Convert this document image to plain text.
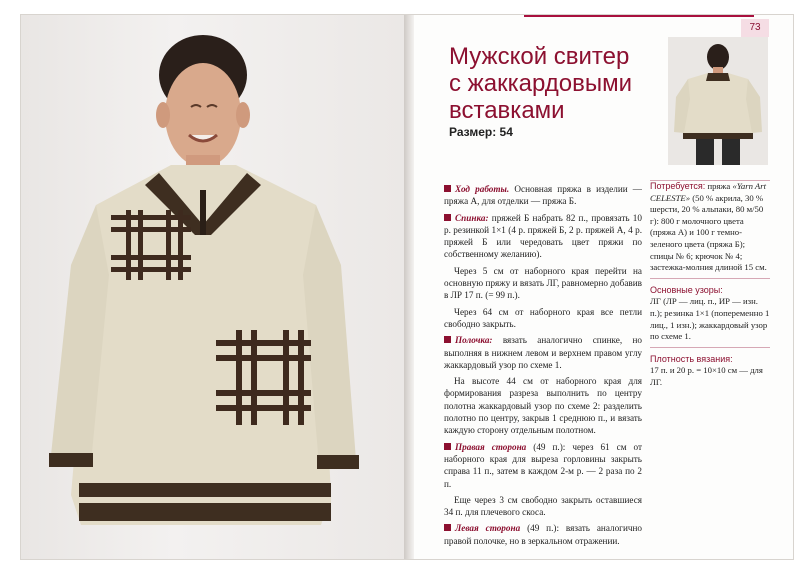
73
Мужской свитер
с жаккардовыми
вставками
Размер: 54

Ход работы. Основная пряжа в изделии — пряжа А, для отделки — пряжа Б.

Спинка: пряжей Б набрать 82 п., провязать 10 р. резинкой 1×1 (4 р. пряжей Б, 2 р. пряжей А, 4 р. пряжей Б или чередовать цвет пряжи по собственному желанию).

Через 5 см от наборного края перейти на основную пряжу и вязать ЛГ, равномерно добавив в ЛР 17 п. (= 99 п.).

Через 64 см от наборного края все петли свободно закрыть.

Полочка: вязать аналогично спинке, но выполняя в нижнем левом и верхнем правом углу жаккардовый узор по схеме 1.

На высоте 44 см от наборного края для формирования разреза выполнить по центру полотна жаккардовый узор по схеме 2: разделить полотно по центру, закрыв 1 среднюю п., и вязать каждую сторону отдельным полотном.

Правая сторона (49 п.): через 61 см от наборного края для выреза горловины закрыть справа 11 п., затем в каждом 2-м р. — 2 раза по 2 п.

Еще через 3 см свободно закрыть оставшиеся 34 п. для плечевого скоса.

Левая сторона (49 п.): вязать аналогично правой полочке, но в зеркальном отражении.

Потребуется: пряжа «Yarn Art CELESTE» (50 % акрила, 30 % шерсти, 20 % альпаки, 80 м/50 г): 800 г молочного цвета (пряжа А) и 100 г темно-зеленого цвета (пряжа Б); спицы № 6; крючок № 4; застежка-молния длиной 15 см.
Основные узоры:
ЛГ (ЛР — лиц. п., ИР — изн. п.); резинка 1×1 (попеременно 1 лиц., 1 изн.); жаккардовый узор по схеме 1.
Плотность вязания:
17 п. и 20 р. = 10×10 см — для ЛГ.
